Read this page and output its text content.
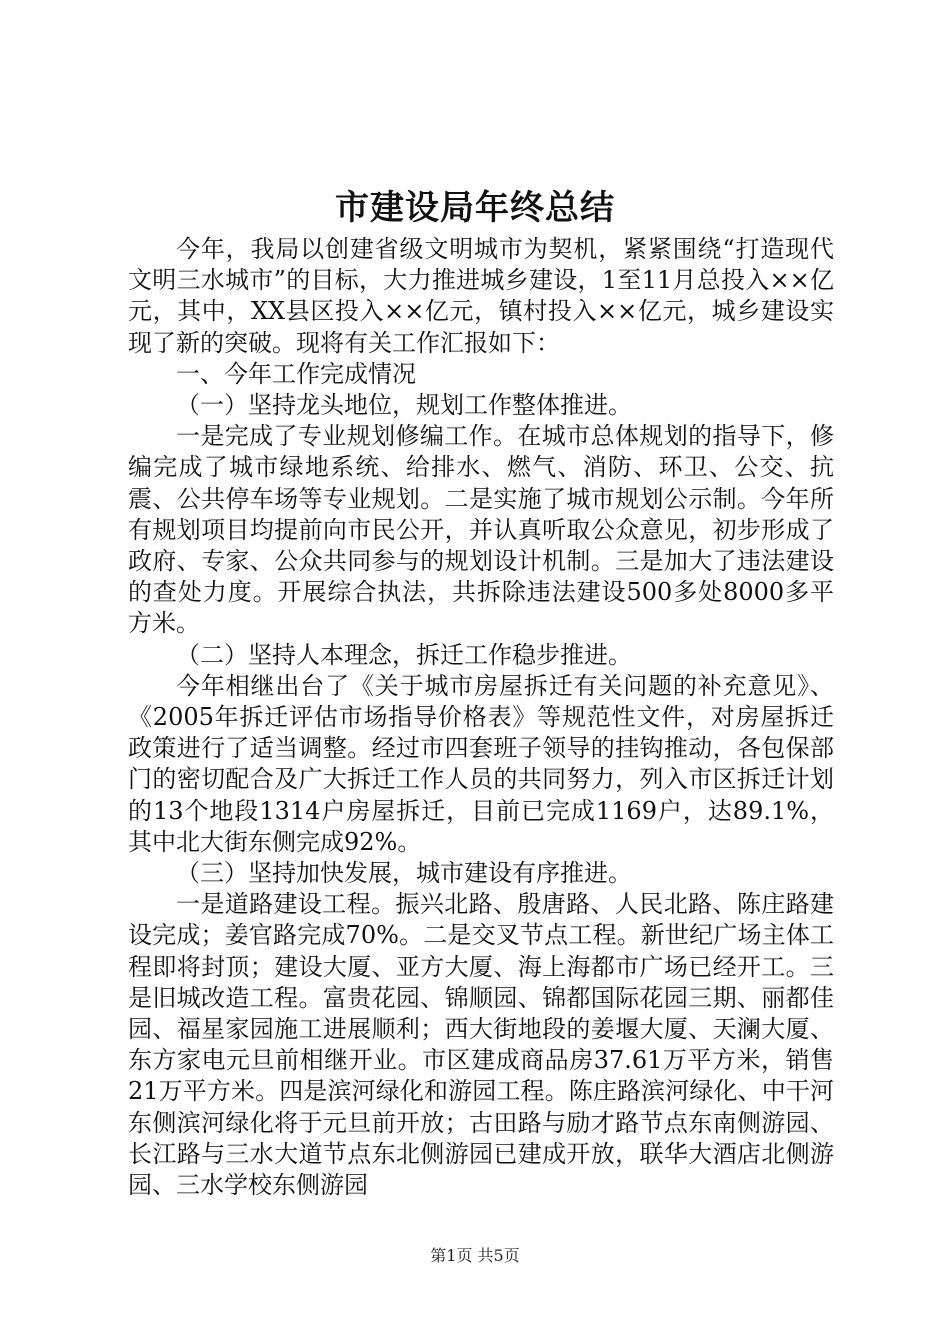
市建设局年终总结

今年，我局以创建省级文明城市为契机，紧紧围绕“打造现代文明三水城市”的目标，大力推进城乡建设，1至11月总投入××亿元，其中，XX县区投入××亿元，镇村投入××亿元，城乡建设实现了新的突破。现将有关工作汇报如下：

一、今年工作完成情况

（一）坚持龙头地位，规划工作整体推进。

一是完成了专业规划修编工作。在城市总体规划的指导下，修编完成了城市绿地系统、给排水、燃气、消防、环卫、公交、抗震、公共停车场等专业规划。二是实施了城市规划公示制。今年所有规划项目均提前向市民公开，并认真听取公众意见，初步形成了政府、专家、公众共同参与的规划设计机制。三是加大了违法建设的查处力度。开展综合执法，共拆除违法建设500多处8000多平方米。

（二）坚持人本理念，拆迁工作稳步推进。

今年相继出台了《关于城市房屋拆迁有关问题的补充意见》、《2005年拆迁评估市场指导价格表》等规范性文件，对房屋拆迁政策进行了适当调整。经过市四套班子领导的挂钩推动，各包保部门的密切配合及广大拆迁工作人员的共同努力，列入市区拆迁计划的13个地段1314户房屋拆迁，目前已完成1169户，达89.1%，其中北大街东侧完成92%。

（三）坚持加快发展，城市建设有序推进。

一是道路建设工程。振兴北路、殷唐路、人民北路、陈庄路建设完成；姜官路完成70%。二是交叉节点工程。新世纪广场主体工程即将封顶；建设大厦、亚方大厦、海上海都市广场已经开工。三是旧城改造工程。富贵花园、锦顺园、锦都国际花园三期、丽都佳园、福星家园施工进展顺利；西大街地段的姜堰大厦、天澜大厦、东方家电元旦前相继开业。市区建成商品房37.61万平方米，销售21万平方米。四是滨河绿化和游园工程。陈庄路滨河绿化、中干河东侧滨河绿化将于元旦前开放；古田路与励才路节点东南侧游园、长江路与三水大道节点东北侧游园已建成开放，联华大酒店北侧游园、三水学校东侧游园

第1页 共5页
